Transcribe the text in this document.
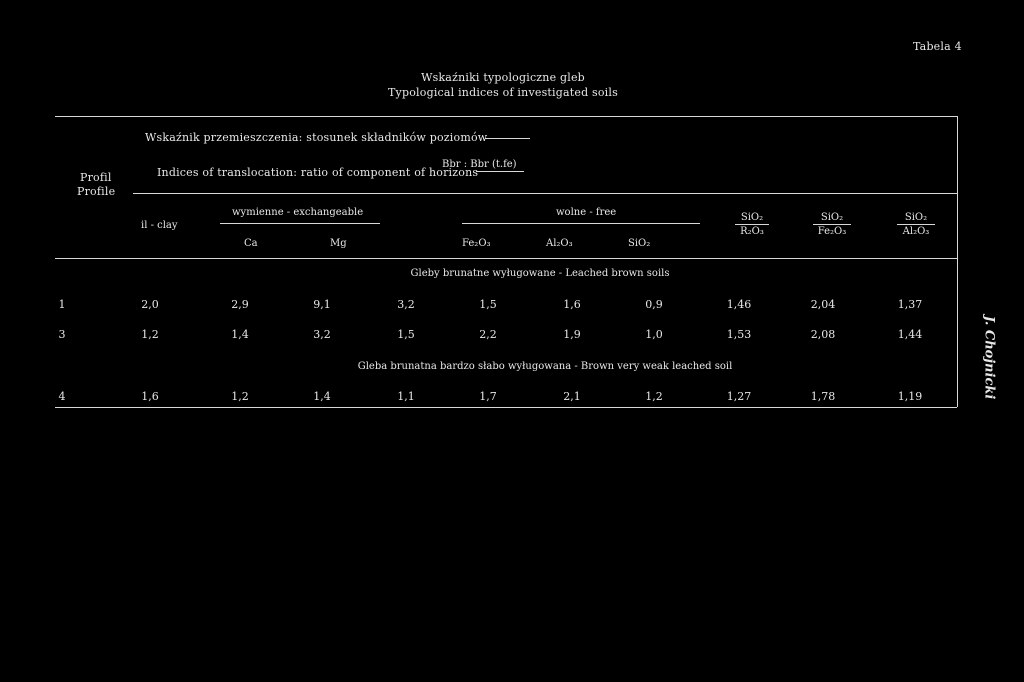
Tabela 4
Wskaźniki typologiczne gleb
Typological indices of investigated soils
Profil
Profile
Wskaźnik przemieszczenia: stosunek składników poziomów
Indices of translocation: ratio of component of horizons
Bbr : Bbr (t.fe)
il - clay
wymienne - exchangeable	wolne - free
Ca	Mg	Fe₂O₃	Al₂O₃	SiO₂
SiO₂
R₂O₃
SiO₂
Fe₂O₃
SiO₂
Al₂O₃
Gleby brunatne wyługowane - Leached brown soils
1	2,0	2,9	9,1	3,2	1,5	1,6	0,9	1,46	2,04	1,37
3	1,2	1,4	3,2	1,5	2,2	1,9	1,0	1,53	2,08	1,44
Gleba brunatna bardzo słabo wyługowana - Brown very weak leached soil
4	1,6	1,2	1,4	1,1	1,7	2,1	1,2	1,27	1,78	1,19	J. Chojnicki
